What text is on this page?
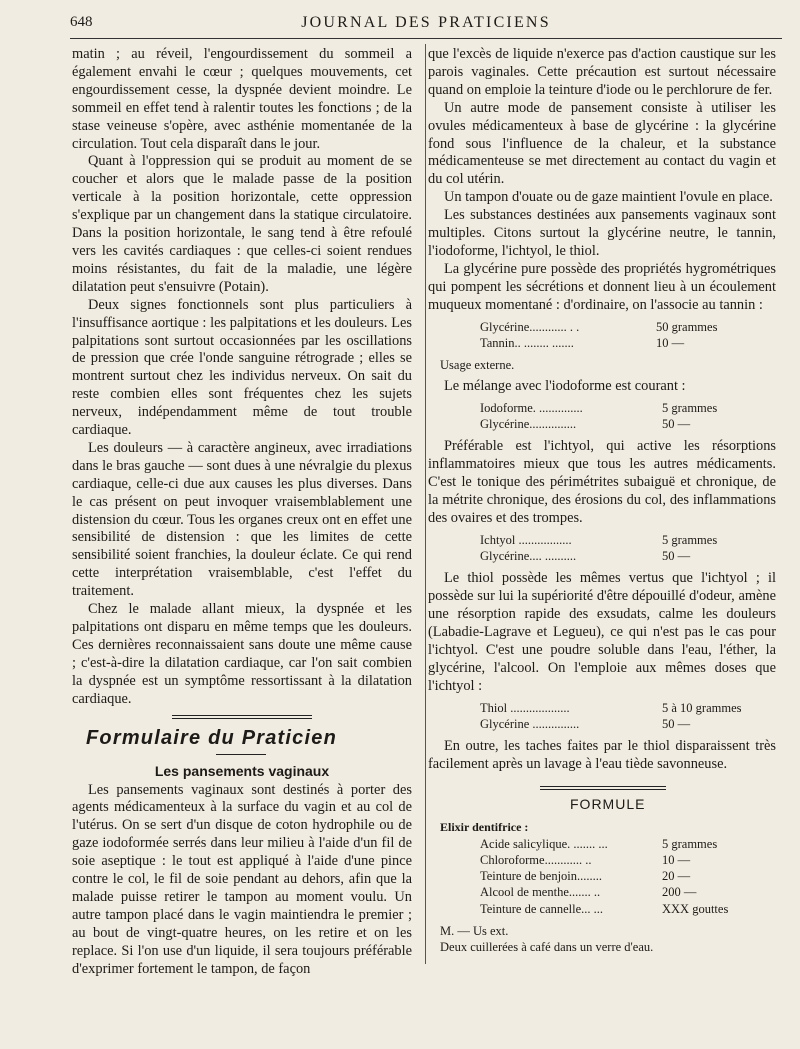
648	JOURNAL DES PRATICIENS

matin ; au réveil, l'engourdissement du sommeil a également envahi le cœur ; quelques mouvements, cet engourdissement cesse, la dyspnée devient moindre. Le sommeil en effet tend à ralentir toutes les fonctions ; de la stase veineuse s'opère, avec asthénie momentanée de la circulation. Tout cela disparaît dans le jour.

Quant à l'oppression qui se produit au moment de se coucher et alors que le malade passe de la position verticale à la position horizontale, cette oppression s'explique par un changement dans la statique circulatoire. Dans la position horizontale, le sang tend à être refoulé vers les cavités cardiaques : que celles-ci soient rendues moins résistantes, du fait de la maladie, une légère dilatation peut s'ensuivre (Potain).

Deux signes fonctionnels sont plus particuliers à l'insuffisance aortique : les palpitations et les douleurs. Les palpitations sont surtout occasionnées par les oscillations de pression que crée l'onde sanguine rétrograde ; elles se montrent surtout chez les individus nerveux. On sait du reste combien elles sont fréquentes chez les sujets nerveux, indépendamment même de tout trouble cardiaque.

Les douleurs — à caractère angineux, avec irradiations dans le bras gauche — sont dues à une névralgie du plexus cardiaque, celle-ci due aux causes les plus diverses. Dans le cas présent on peut invoquer vraisemblablement une distension du cœur. Tous les organes creux ont en effet une sensibilité de distension : que les limites de cette sensibilité soient franchies, la douleur éclate. Ce qui rend cette interprétation vraisemblable, c'est l'effet du traitement.

Chez le malade allant mieux, la dyspnée et les palpitations ont disparu en même temps que les douleurs. Ces dernières reconnaissaient sans doute une même cause ; c'est-à-dire la dilatation cardiaque, car l'on sait combien la dyspnée est un symptôme ressortissant à la dilatation cardiaque.

Formulaire du Praticien
Les pansements vaginaux

Les pansements vaginaux sont destinés à porter des agents médicamenteux à la surface du vagin et au col de l'utérus. On se sert d'un disque de coton hydrophile ou de gaze iodoformée serrés dans leur milieu à l'aide d'un fil de soie aseptique : le tout est appliqué à l'aide d'une pince contre le col, le fil de soie pendant au dehors, afin que la malade puisse retirer le tampon au moment voulu. Un autre tampon placé dans le vagin maintiendra le premier ; au bout de vingt-quatre heures, on les retire et on les replace. Si l'on use d'un liquide, il sera toujours préférable d'exprimer fortement le tampon, de façon

que l'excès de liquide n'exerce pas d'action caustique sur les parois vaginales. Cette précaution est surtout nécessaire quand on emploie la teinture d'iode ou le perchlorure de fer.

Un autre mode de pansement consiste à utiliser les ovules médicamenteux à base de glycérine : la glycérine fond sous l'influence de la chaleur, et la substance médicamenteuse se met directement au contact du vagin et du col utérin.

Un tampon d'ouate ou de gaze maintient l'ovule en place.

Les substances destinées aux pansements vaginaux sont multiples. Citons surtout la glycérine neutre, le tannin, l'iodoforme, l'ichtyol, le thiol.

La glycérine pure possède des propriétés hygrométriques qui pompent les sécrétions et donnent lieu à un écoulement muqueux momentané : d'ordinaire, on l'associe au tannin :

Glycérine............ . .	50 grammes
Tannin.. ........ .......	10 —
Usage externe.

Le mélange avec l'iodoforme est courant :

Iodoforme. ..............	5 grammes
Glycérine...............	50 —

Préférable est l'ichtyol, qui active les résorptions inflammatoires mieux que tous les autres médicaments. C'est le tonique des périmétrites subaiguë et chronique, de la métrite chronique, des érosions du col, des inflammations des ovaires et des trompes.

Ichtyol .................	5 grammes
Glycérine.... ..........	50 —

Le thiol possède les mêmes vertus que l'ichtyol ; il possède sur lui la supériorité d'être dépouillé d'odeur, amène une résorption rapide des exsudats, calme les douleurs (Labadie-Lagrave et Legueu), ce qui n'est pas le cas pour l'ichtyol. C'est une poudre soluble dans l'eau, l'éther, la glycérine, l'alcool. On l'emploie aux mêmes doses que l'ichtyol :

Thiol ...................	5 à 10 grammes
Glycérine ...............	50 —

En outre, les taches faites par le thiol disparaissent très facilement après un lavage à l'eau tiède savonneuse.

FORMULE
Elixir dentifrice :
Acide salicylique. ....... ...	5 grammes
Chloroforme............ ..	10 —
Teinture de benjoin........	20 —
Alcool de menthe....... ..	200 —
Teinture de cannelle... ...	XXX gouttes
M. — Us ext.
Deux cuillerées à café dans un verre d'eau.
